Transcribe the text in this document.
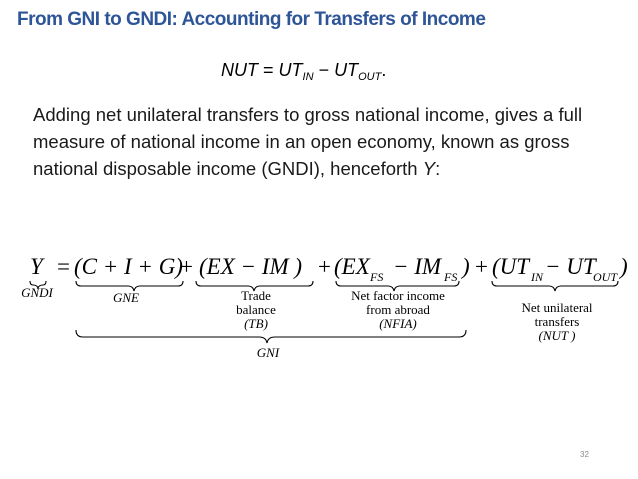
From GNI to GNDI: Accounting for Transfers of Income
NUT = $UT_{IN} - UT_{OUT}$.
Adding net unilateral transfers to gross national income, gives a full measure of national income in an open economy, known as gross national disposable income (GNDI), henceforth Y:
Y = (C + I + G)
+ (EX − IM ) + (EX FS − IM FS ) + (UT IN − UT
OUT )
GNDI	GNE	Trade
balance
(TB)
Net factor income
from abroad
(NFIA)
Net unilateral
transfers
(NUT )
GNI
32
